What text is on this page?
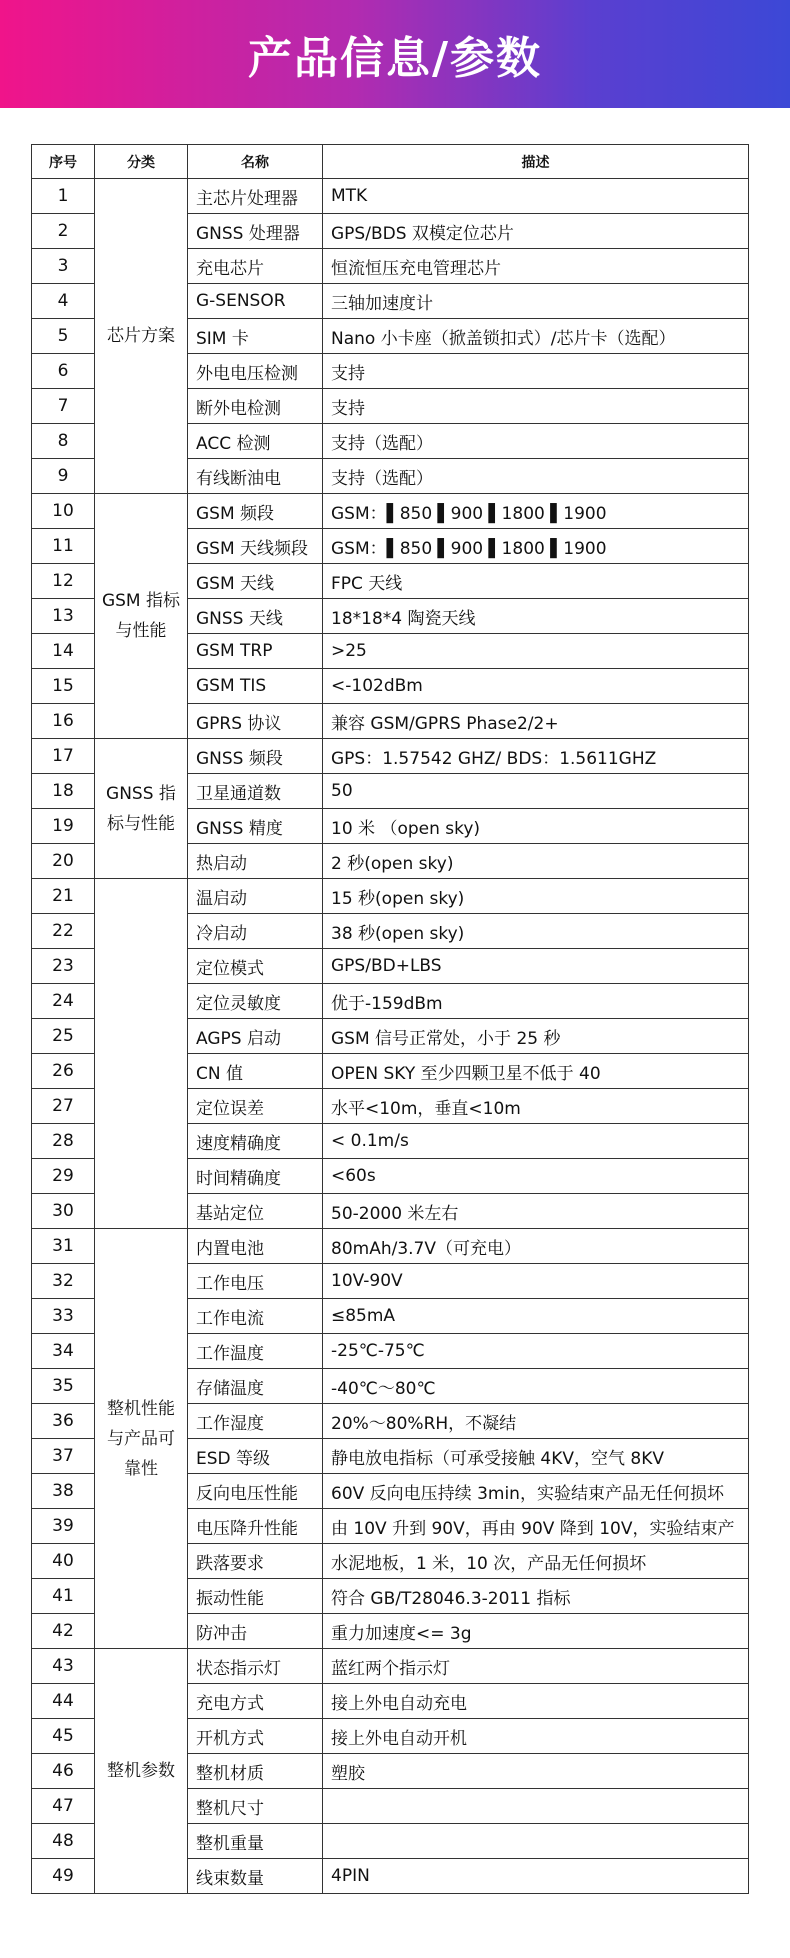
产品信息/参数
序号	分类	名称	描述
1	芯片方案	主芯片处理器	MTK
2		GNSS 处理器	GPS/BDS 双模定位芯片
3		充电芯片	恒流恒压充电管理芯片
4		G-SENSOR	三轴加速度计
5		SIM 卡	Nano 小卡座（掀盖锁扣式）/芯片卡（选配）
6		外电电压检测	支持
7		断外电检测	支持
8		ACC 检测	支持（选配）
9		有线断油电	支持（选配）
10	GSM 指标与性能	GSM 频段	GSM：▌850 ▌900 ▌1800 ▌1900
11		GSM 天线频段	GSM：▌850 ▌900 ▌1800 ▌1900
12		GSM 天线	FPC 天线
13		GNSS 天线	18*18*4 陶瓷天线
14		GSM TRP	>25
15		GSM TIS	<-102dBm
16		GPRS 协议	兼容 GSM/GPRS Phase2/2+
17	GNSS 指标与性能	GNSS 频段	GPS：1.57542 GHZ/ BDS：1.5611GHZ
18		卫星通道数	50
19		GNSS 精度	10 米 （open sky)
20		热启动	2 秒(open sky)
21		温启动	15 秒(open sky)
22		冷启动	38 秒(open sky)
23		定位模式	GPS/BD+LBS
24		定位灵敏度	优于-159dBm
25		AGPS 启动	GSM 信号正常处，小于 25 秒
26		CN 值	OPEN SKY 至少四颗卫星不低于 40
27		定位误差	水平<10m，垂直<10m
28		速度精确度	< 0.1m/s
29		时间精确度	<60s
30		基站定位	50-2000 米左右
31	整机性能与产品可靠性	内置电池	80mAh/3.7V（可充电）
32		工作电压	10V-90V
33		工作电流	≤85mA
34		工作温度	-25℃-75℃
35		存储温度	-40℃～80℃
36		工作湿度	20%～80%RH，不凝结
37		ESD 等级	静电放电指标（可承受接触 4KV，空气 8KV
38		反向电压性能	60V 反向电压持续 3min，实验结束产品无任何损坏
39		电压降升性能	由 10V 升到 90V，再由 90V 降到 10V，实验结束产
40		跌落要求	水泥地板，1 米，10 次，产品无任何损坏
41		振动性能	符合 GB/T28046.3-2011 指标
42		防冲击	重力加速度<= 3g
43	整机参数	状态指示灯	蓝红两个指示灯
44		充电方式	接上外电自动充电
45		开机方式	接上外电自动开机
46		整机材质	塑胶
47		整机尺寸	
48		整机重量	
49		线束数量	4PIN
